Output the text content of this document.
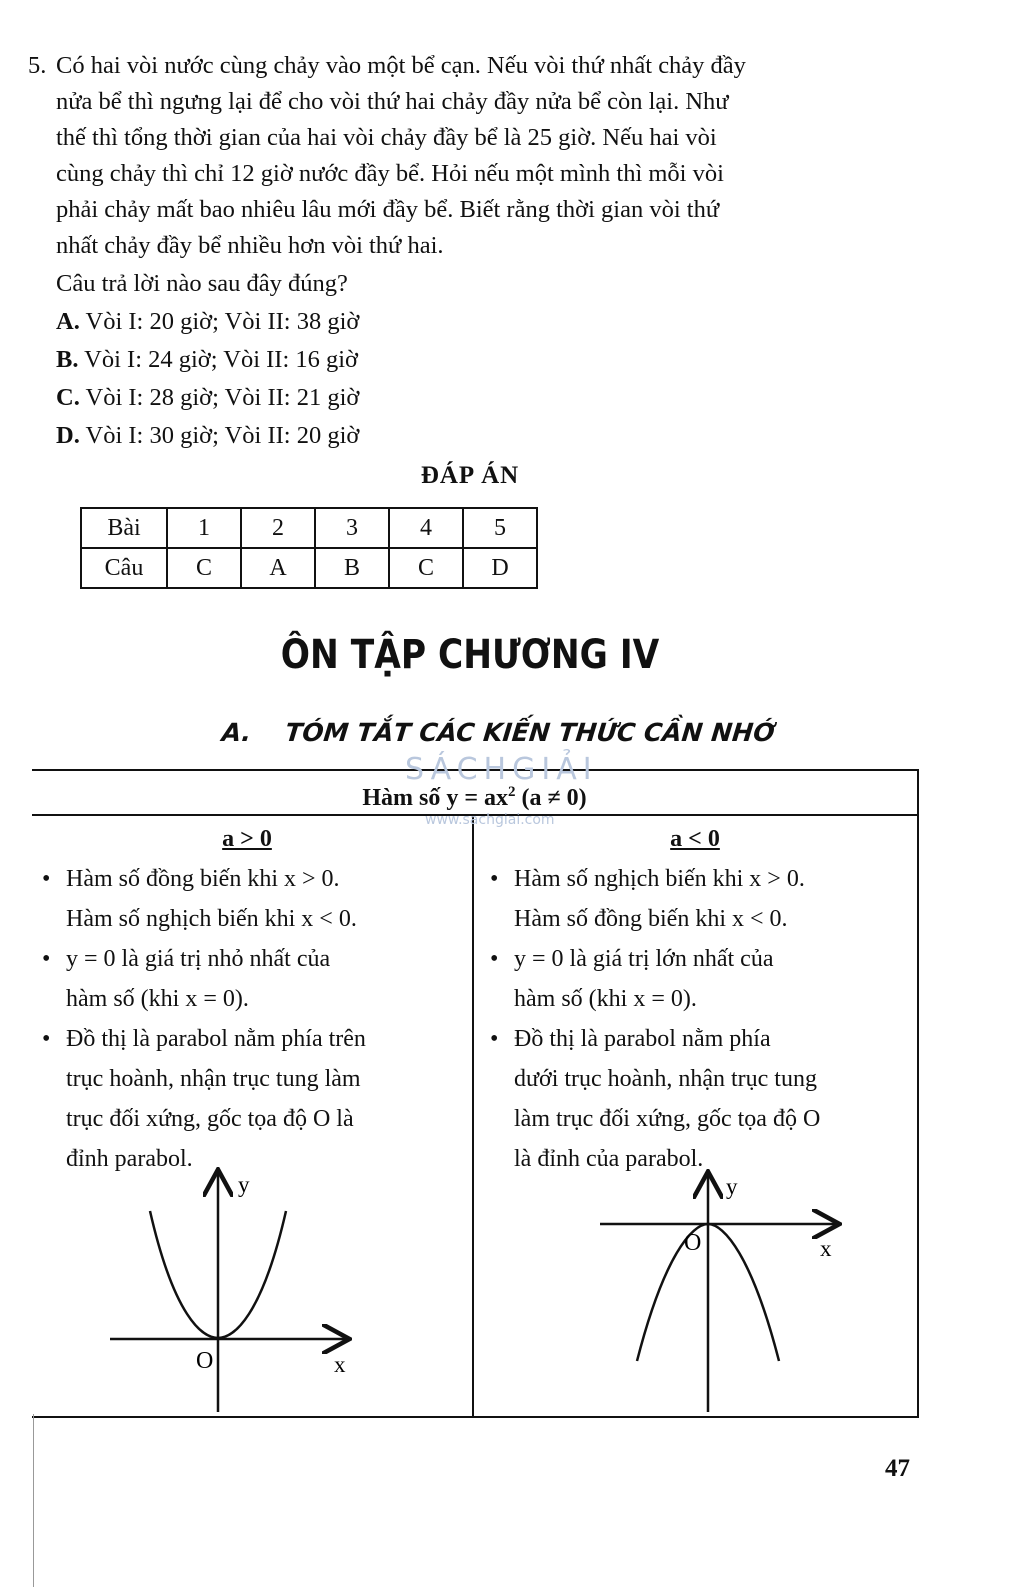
5. Có hai vòi nước cùng chảy vào một bể cạn. Nếu vòi thứ nhất chảy đầy

nửa bể thì ngưng lại để cho vòi thứ hai chảy đầy nửa bể còn lại. Như

thế thì tổng thời gian của hai vòi chảy đầy bể là 25 giờ. Nếu hai vòi

cùng chảy thì chỉ 12 giờ nước đầy bể. Hỏi nếu một mình thì mỗi vòi

phải chảy mất bao nhiêu lâu mới đầy bể. Biết rằng thời gian vòi thứ

nhất chảy đầy bể nhiều hơn vòi thứ hai.

Câu trả lời nào sau đây đúng?
A. Vòi I: 20 giờ; Vòi II: 38 giờ
B. Vòi I: 24 giờ; Vòi II: 16 giờ
C. Vòi I: 28 giờ; Vòi II: 21 giờ
D. Vòi I: 30 giờ; Vòi II: 20 giờ
ĐÁP ÁN
Bài	1	2	3	4	5
Câu	C	A	B	C	D
ÔN TẬP CHƯƠNG IV
A. TÓM TẮT CÁC KIẾN THỨC CẦN NHỚ
Hàm số $y = ax^2$ (a ≠ 0)
a > 0
• Hàm số đồng biến khi x > 0.
Hàm số nghịch biến khi x < 0.
• y = 0 là giá trị nhỏ nhất của
hàm số (khi x = 0).
• Đồ thị là parabol nằm phía trên
trục hoành, nhận trục tung làm
trục đối xứng, gốc tọa độ O là
đỉnh parabol.
a < 0
• Hàm số nghịch biến khi x > 0.
Hàm số đồng biến khi x < 0.
• y = 0 là giá trị lớn nhất của
hàm số (khi x = 0).
• Đồ thị là parabol nằm phía
dưới trục hoành, nhận trục tung
làm trục đối xứng, gốc tọa độ O
là đỉnh của parabol.
y
x
O
y
x
O
SÁCHGIẢI
www.sachgiai.com
47
